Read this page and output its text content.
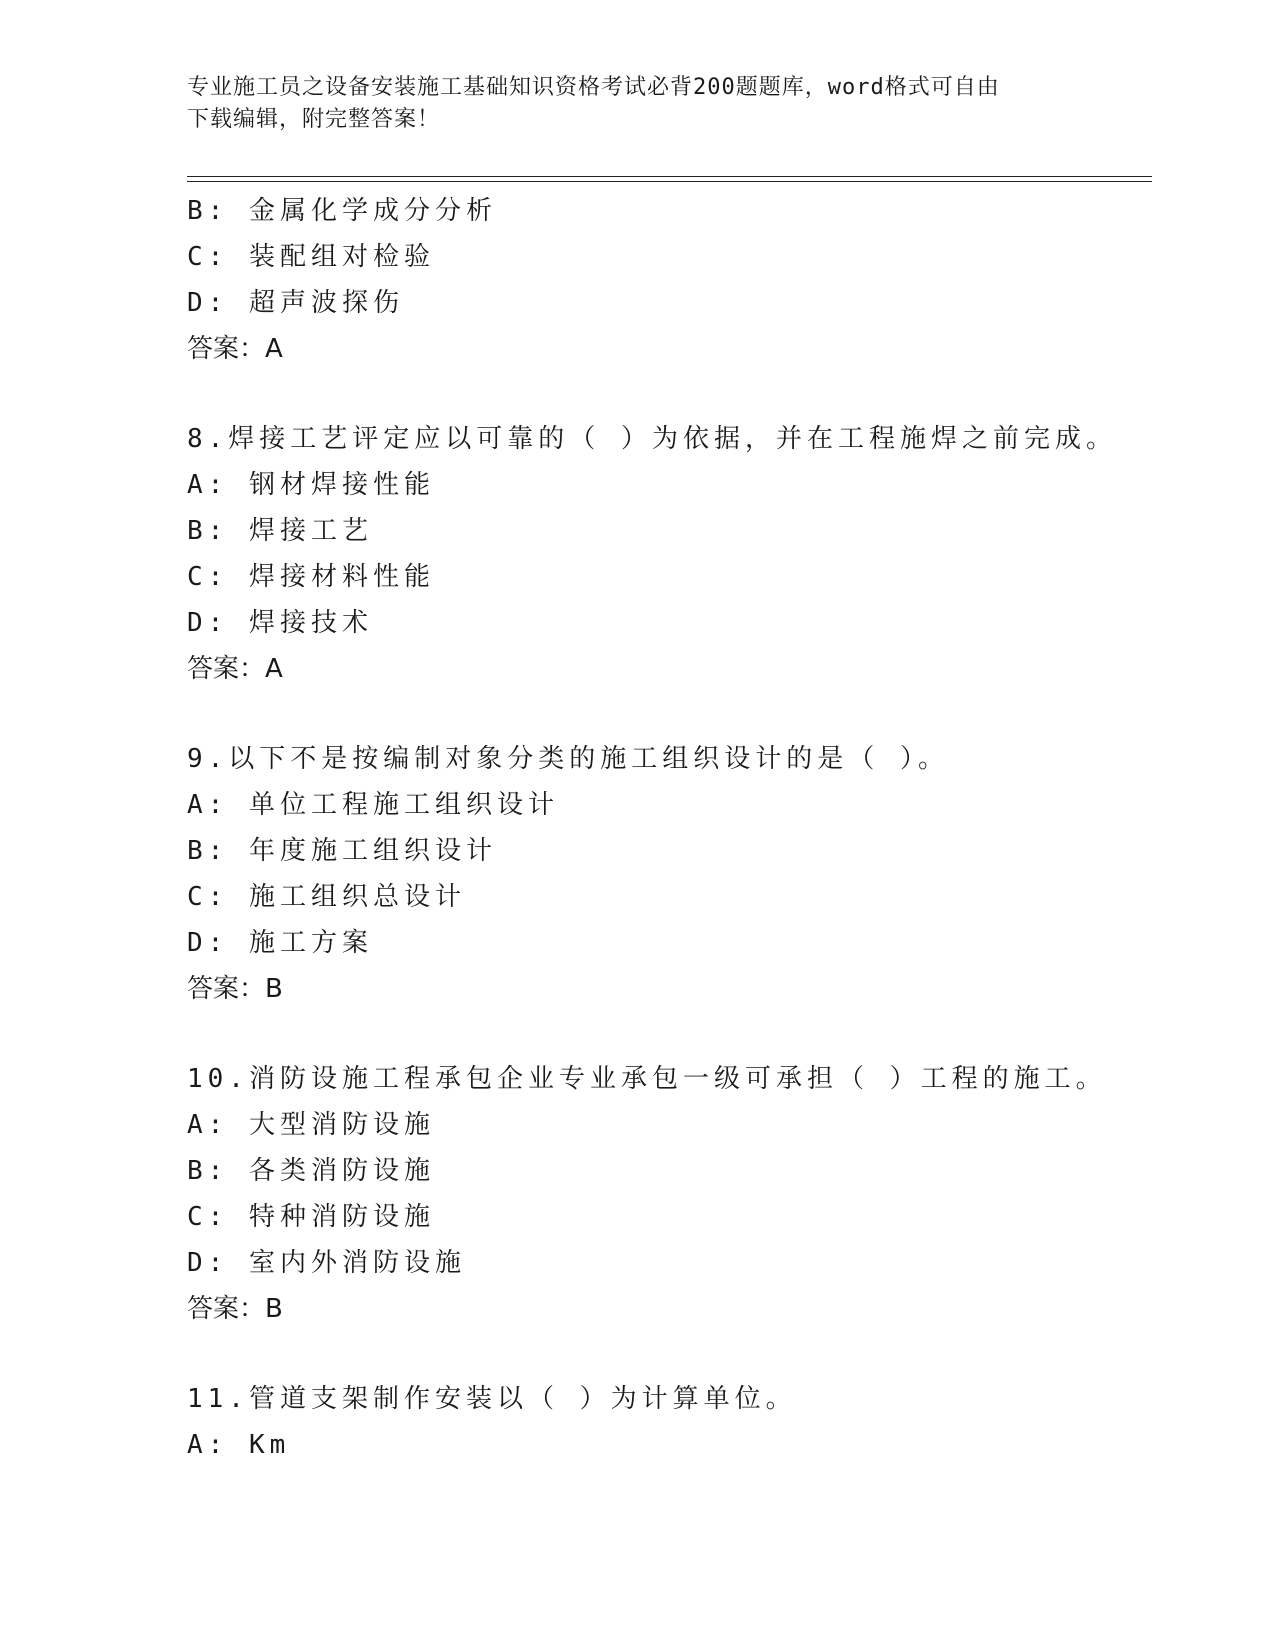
专业施工员之设备安装施工基础知识资格考试必背200题题库，word格式可自由
下载编辑，附完整答案！
B: 金属化学成分分析
C: 装配组对检验
D: 超声波探伤
答案：A
8.焊接工艺评定应以可靠的（ ）为依据，并在工程施焊之前完成。
A: 钢材焊接性能
B: 焊接工艺
C: 焊接材料性能
D: 焊接技术
答案：A
9.以下不是按编制对象分类的施工组织设计的是（ ）。
A: 单位工程施工组织设计
B: 年度施工组织设计
C: 施工组织总设计
D: 施工方案
答案：B
10.消防设施工程承包企业专业承包一级可承担（ ）工程的施工。
A: 大型消防设施
B: 各类消防设施
C: 特种消防设施
D: 室内外消防设施
答案：B
11.管道支架制作安装以（ ）为计算单位。
A: Km
